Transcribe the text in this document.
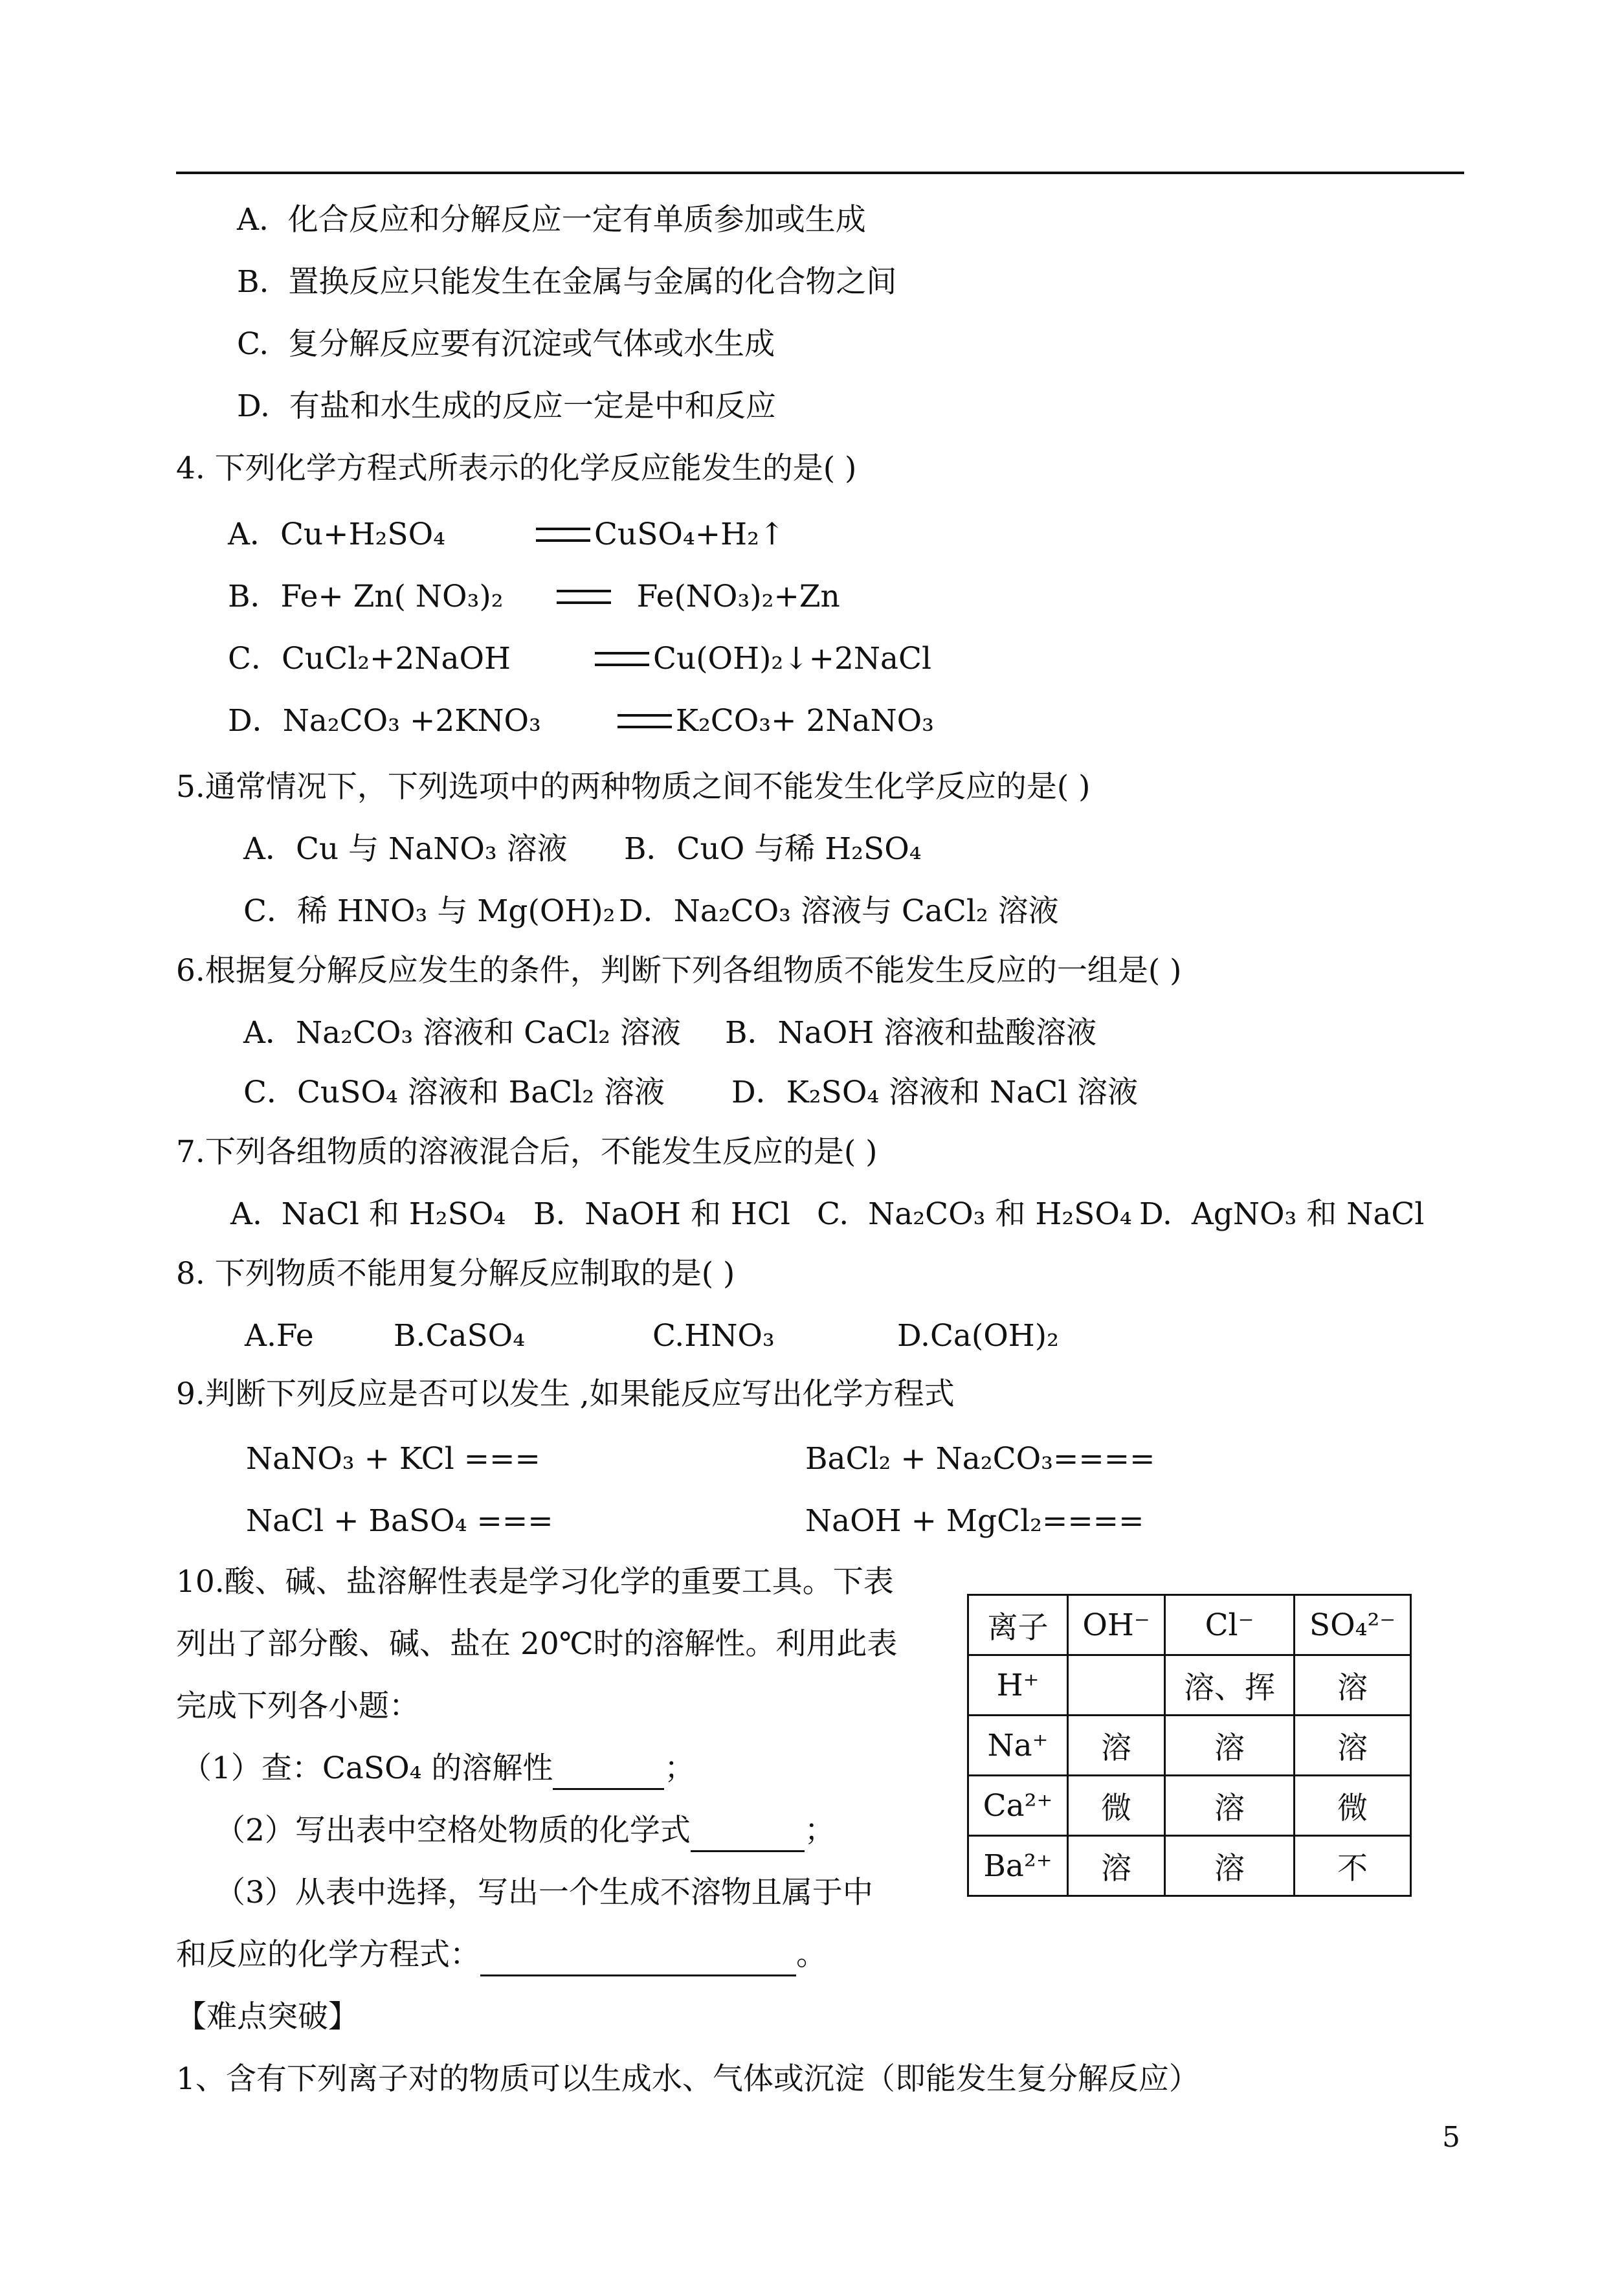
A. 化合反应和分解反应一定有单质参加或生成
B. 置换反应只能发生在金属与金属的化合物之间
C. 复分解反应要有沉淀或气体或水生成
D. 有盐和水生成的反应一定是中和反应
4. 下列化学方程式所表示的化学反应能发生的是( )
A．Cu+H₂SO₄	CuSO₄+H₂↑
B．Fe+ Zn( NO₃)₂	Fe(NO₃)₂+Zn
C．CuCl₂+2NaOH	Cu(OH)₂↓+2NaCl
D．Na₂CO₃ +2KNO₃	K₂CO₃+ 2NaNO₃
5.通常情况下，下列选项中的两种物质之间不能发生化学反应的是( )
A．Cu 与 NaNO₃ 溶液 B．CuO 与稀 H₂SO₄
C．稀 HNO₃ 与 Mg(OH)₂ D．Na₂CO₃ 溶液与 CaCl₂ 溶液
6.根据复分解反应发生的条件，判断下列各组物质不能发生反应的一组是( )
A．Na₂CO₃ 溶液和 CaCl₂ 溶液 B．NaOH 溶液和盐酸溶液
C．CuSO₄ 溶液和 BaCl₂ 溶液 D．K₂SO₄ 溶液和 NaCl 溶液
7.下列各组物质的溶液混合后，不能发生反应的是( )
A. NaCl 和 H₂SO₄ B. NaOH 和 HCl C. Na₂CO₃ 和 H₂SO₄ D. AgNO₃ 和 NaCl
8. 下列物质不能用复分解反应制取的是( )
A.Fe	B.CaSO₄	C.HNO₃	D.Ca(OH)₂
9.判断下列反应是否可以发生 ,如果能反应写出化学方程式
NaNO₃ + KCl ===	BaCl₂ + Na₂CO₃====
NaCl + BaSO₄ ===	NaOH + MgCl₂====
10.酸、碱、盐溶解性表是学习化学的重要工具。下表
列出了部分酸、碱、盐在 20℃时的溶解性。利用此表
完成下列各小题：
（1）查：CaSO₄ 的溶解性	；
（2）写出表中空格处物质的化学式	；
（3）从表中选择，写出一个生成不溶物且属于中
和反应的化学方程式：	。
离子	OH⁻	Cl⁻	SO₄²⁻
H⁺		溶、挥	溶
Na⁺	溶	溶	溶
Ca²⁺	微	溶	微
Ba²⁺	溶	溶	不
【难点突破】
1、含有下列离子对的物质可以生成水、气体或沉淀（即能发生复分解反应）
5
